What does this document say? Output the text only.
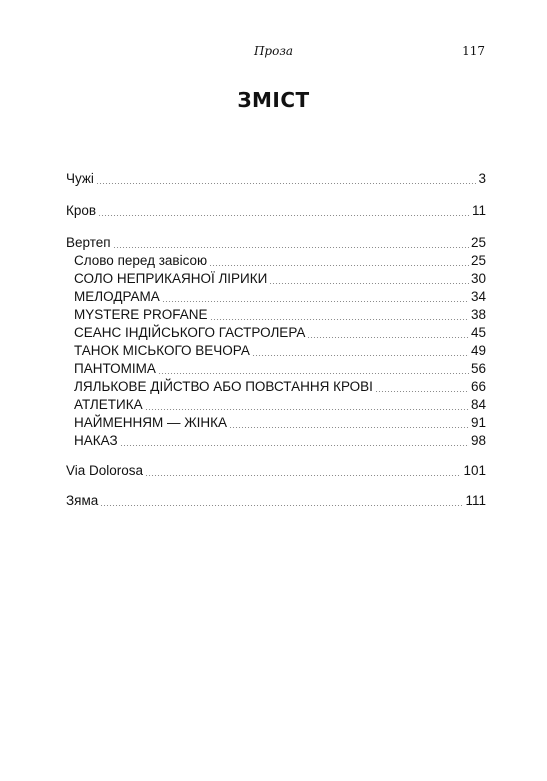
Проза	117
ЗМІСТ
Чужі	3
Кров	11
Вертеп	25
Слово перед завісою	25
СОЛО НЕПРИКАЯНОЇ ЛІРИКИ	30
МЕЛОДРАМА	34
MYSTERE PROFANE	38
СЕАНС ІНДІЙСЬКОГО ГАСТРОЛЕРА	45
ТАНОК МІСЬКОГО ВЕЧОРА	49
ПАНТОМІМА	56
ЛЯЛЬКОВЕ ДІЙСТВО АБО ПОВСТАННЯ КРОВІ	66
АТЛЕТИКА	84
НАЙМЕННЯМ — ЖІНКА	91
НАКАЗ	98
Via Dolorosa	101
Зяма	111
